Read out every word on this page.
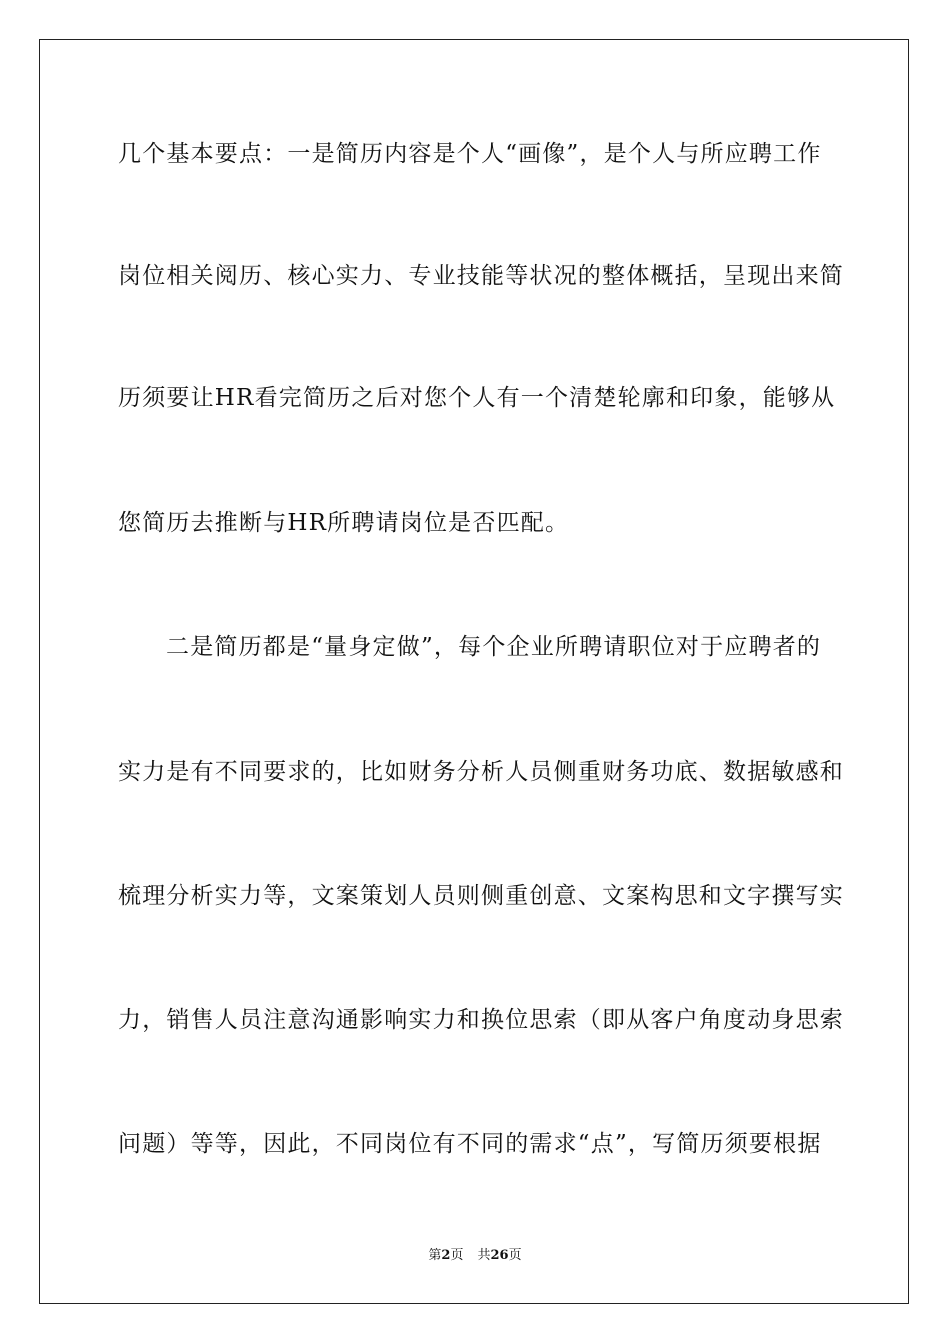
几个基本要点：一是简历内容是个人“画像”，是个人与所应聘工作
岗位相关阅历、核心实力、专业技能等状况的整体概括，呈现出来简
历须要让HR看完简历之后对您个人有一个清楚轮廓和印象，能够从
您简历去推断与HR所聘请岗位是否匹配。
二是简历都是“量身定做”，每个企业所聘请职位对于应聘者的
实力是有不同要求的，比如财务分析人员侧重财务功底、数据敏感和
梳理分析实力等，文案策划人员则侧重创意、文案构思和文字撰写实
力，销售人员注意沟通影响实力和换位思索（即从客户角度动身思索
问题）等等，因此，不同岗位有不同的需求“点”，写简历须要根据
第2页 共26页
